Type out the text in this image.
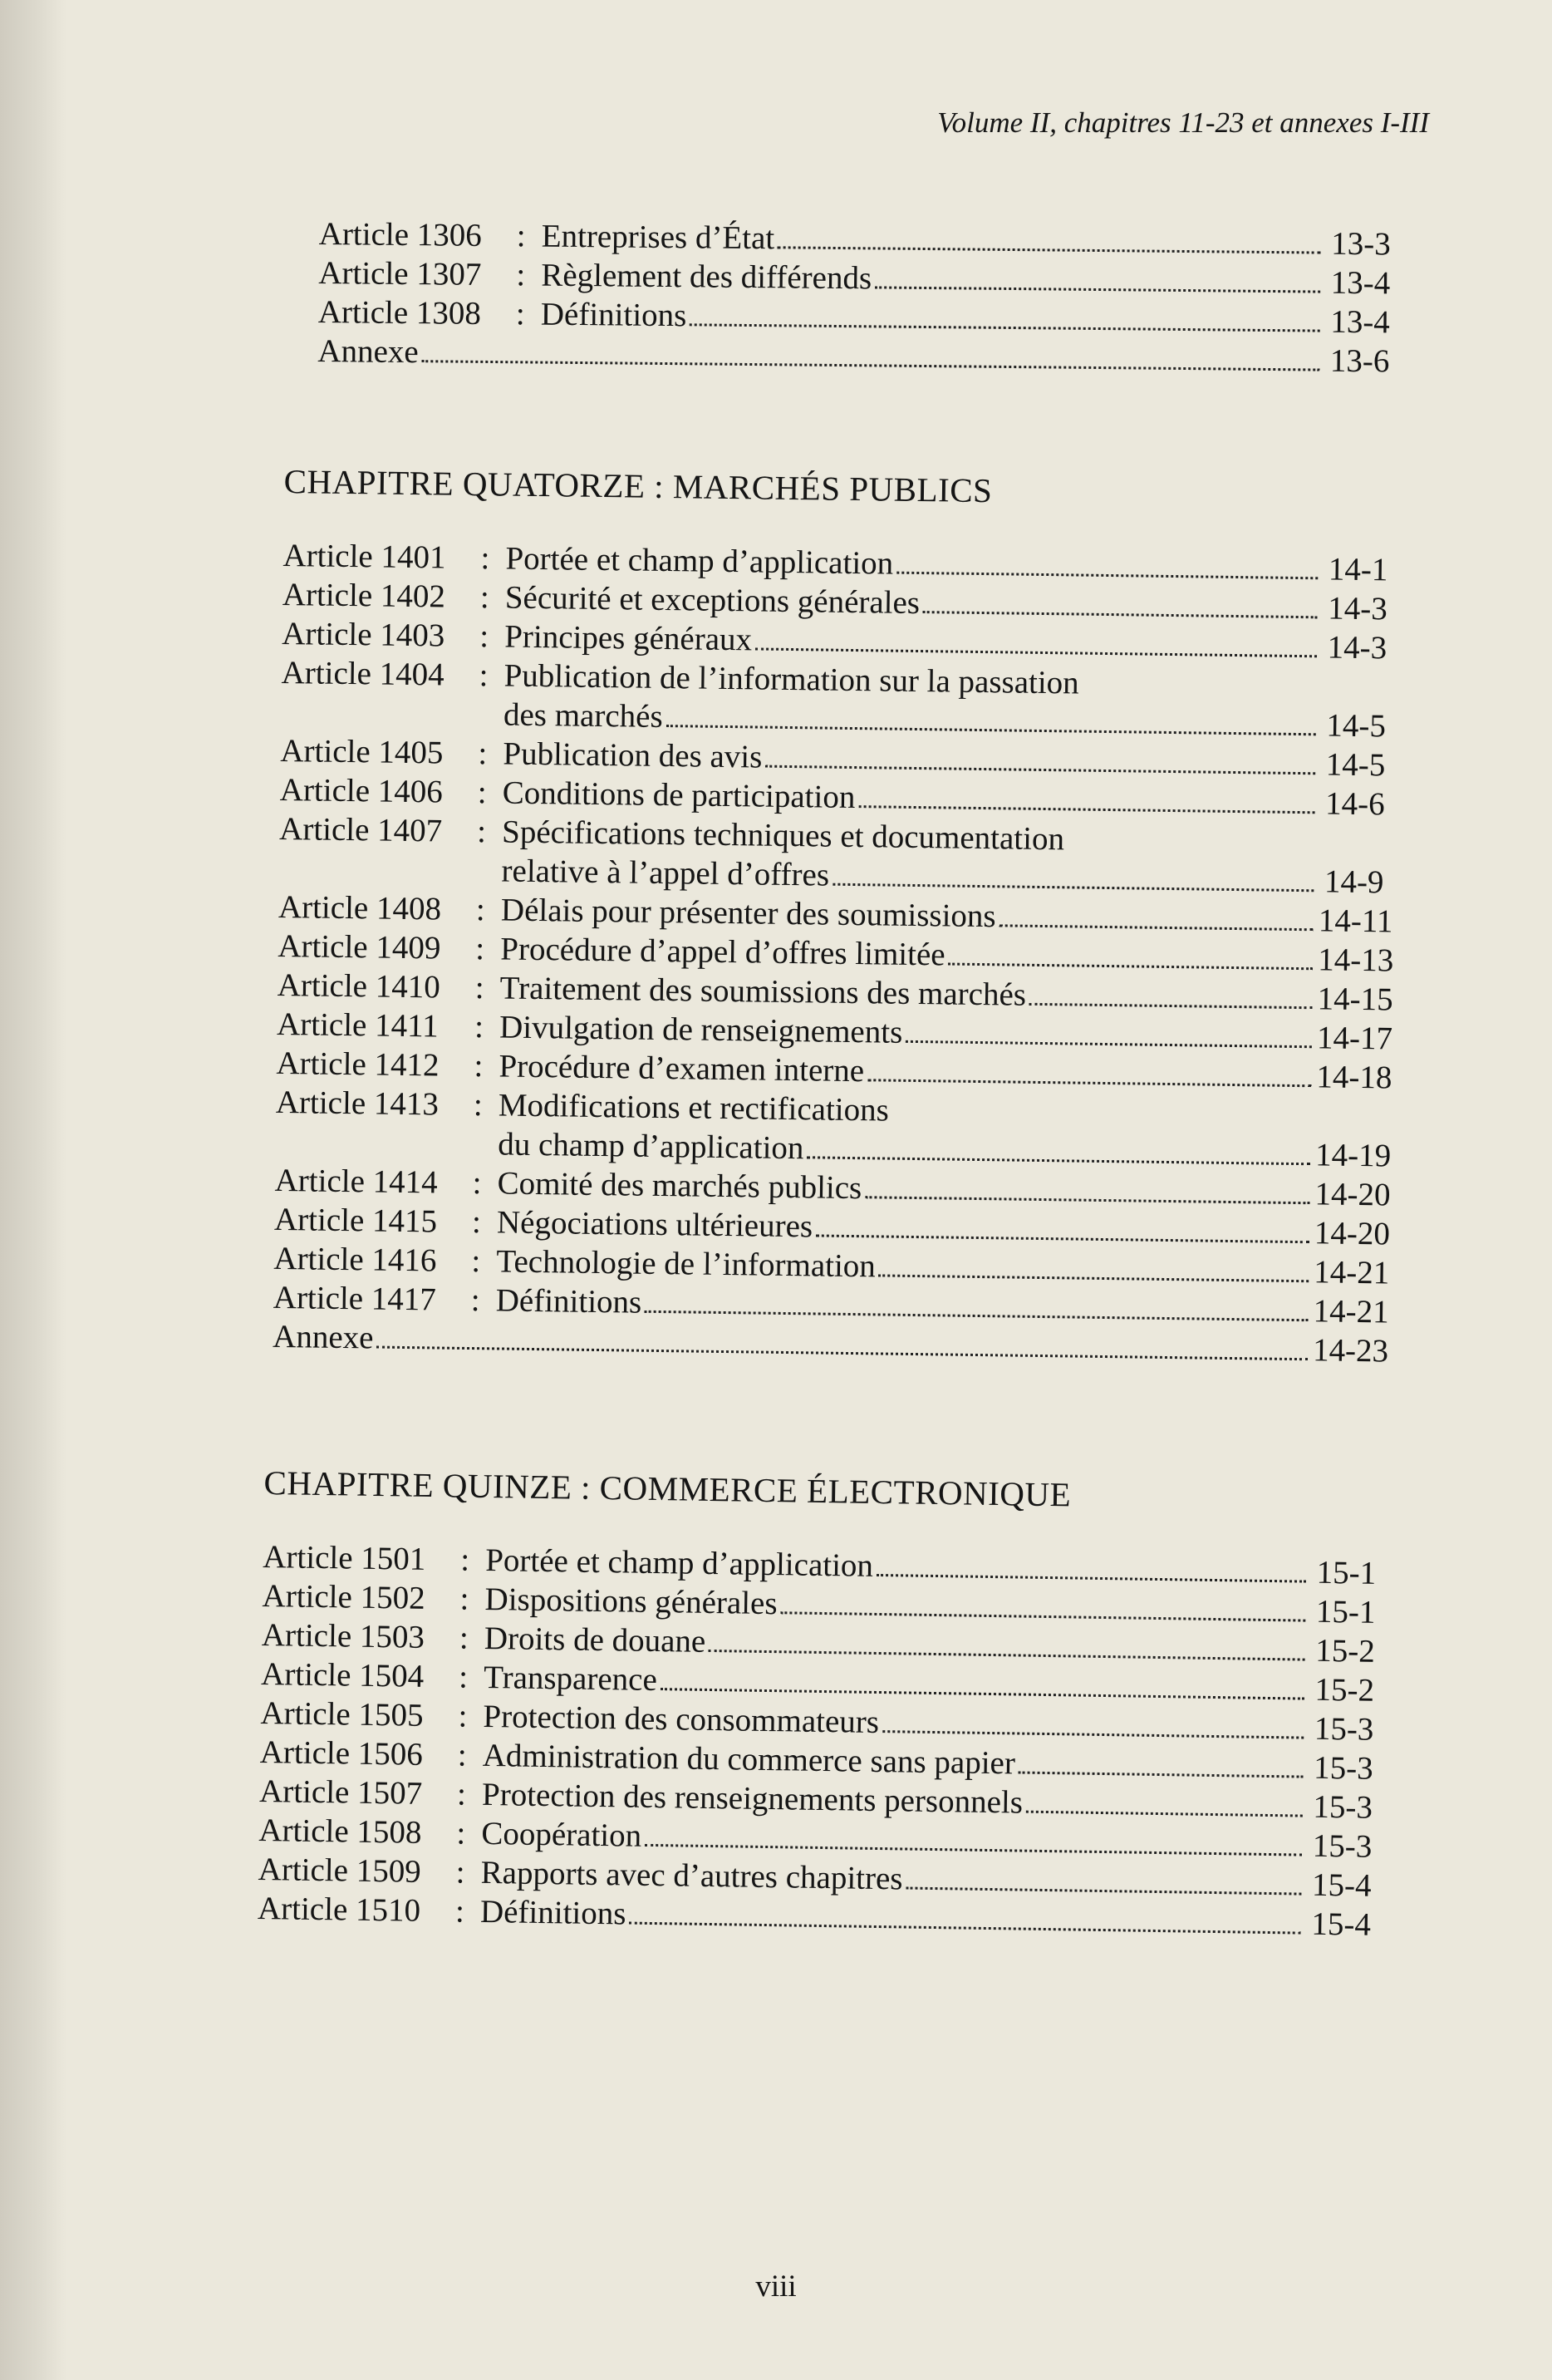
Volume II, chapitres 11-23 et annexes I-III
Article 1306	: Entreprises d’État	13-3
Article 1307	: Règlement des différends	13-4
Article 1308	: Définitions	13-4
Annexe	13-6
CHAPITRE QUATORZE : MARCHÉS PUBLICS
Article 1401	: Portée et champ d’application	14-1
Article 1402	: Sécurité et exceptions générales	14-3
Article 1403	: Principes généraux	14-3
Article 1404	: Publication de l’information sur la passation
des marchés	14-5
Article 1405	: Publication des avis	14-5
Article 1406	: Conditions de participation	14-6
Article 1407	: Spécifications techniques et documentation
relative à l’appel d’offres	14-9
Article 1408	: Délais pour présenter des soumissions	14-11
Article 1409	: Procédure d’appel d’offres limitée	14-13
Article 1410	: Traitement des soumissions des marchés	14-15
Article 1411	: Divulgation de renseignements	14-17
Article 1412	: Procédure d’examen interne	14-18
Article 1413	: Modifications et rectifications
du champ d’application	14-19
Article 1414	: Comité des marchés publics	14-20
Article 1415	: Négociations ultérieures	14-20
Article 1416	: Technologie de l’information	14-21
Article 1417	: Définitions	14-21
Annexe	14-23
CHAPITRE QUINZE : COMMERCE ÉLECTRONIQUE
Article 1501	: Portée et champ d’application	15-1
Article 1502	: Dispositions générales	15-1
Article 1503	: Droits de douane	15-2
Article 1504	: Transparence	15-2
Article 1505	: Protection des consommateurs	15-3
Article 1506	: Administration du commerce sans papier	15-3
Article 1507	: Protection des renseignements personnels	15-3
Article 1508	: Coopération	15-3
Article 1509	: Rapports avec d’autres chapitres	15-4
Article 1510	: Définitions	15-4
viii
